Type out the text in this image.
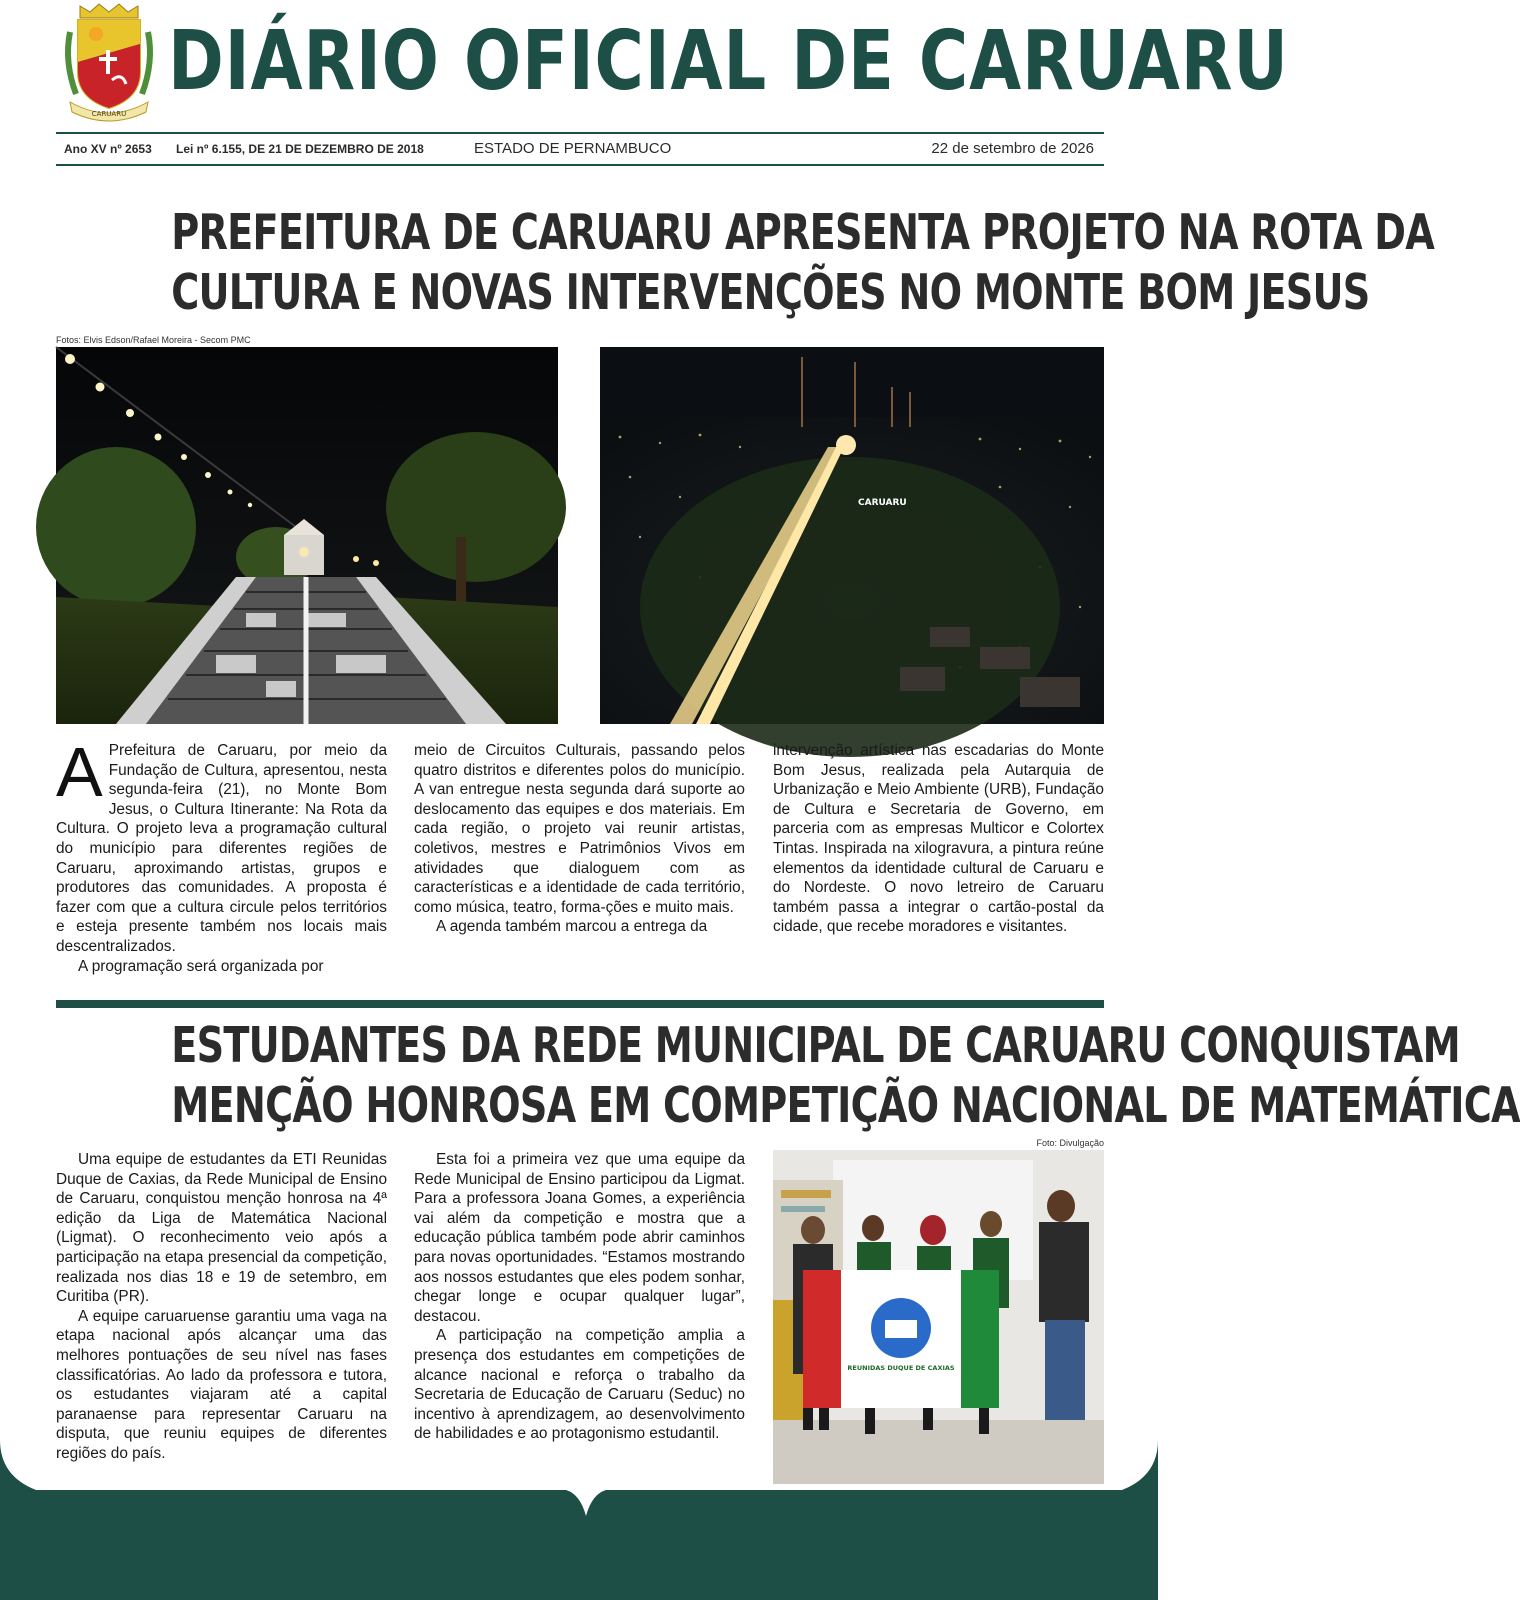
CARUARU
DIÁRIO OFICIAL DE CARUARU
Ano XV nº 2653 Lei nº 6.155, DE 21 DE DEZEMBRO DE 2018	ESTADO DE PERNAMBUCO	22 de setembro de 2026
PREFEITURA DE CARUARU APRESENTA PROJETO NA ROTA DA
CULTURA E NOVAS INTERVENÇÕES NO MONTE BOM JESUS
Fotos: Elvis Edson/Rafael Moreira - Secom PMC
CARUARU

A Prefeitura de Caruaru, por meio da Fundação de Cultura, apresentou, nesta segunda-feira (21), no Monte Bom Jesus, o Cultura Itinerante: Na Rota da Cultura. O projeto leva a programação cultural do município para diferentes regiões de Caruaru, aproximando artistas, grupos e produtores das comunidades. A proposta é fazer com que a cultura circule pelos territórios e esteja presente também nos locais mais descentralizados.

A programação será organizada por

meio de Circuitos Culturais, passando pelos quatro distritos e diferentes polos do município. A van entregue nesta segunda dará suporte ao deslocamento das equipes e dos materiais. Em cada região, o projeto vai reunir artistas, coletivos, mestres e Patrimônios Vivos em atividades que dialoguem com as características e a identidade de cada território, como música, teatro, forma-ções e muito mais.

A agenda também marcou a entrega da

intervenção artística nas escadarias do Monte Bom Jesus, realizada pela Autarquia de Urbanização e Meio Ambiente (URB), Fundação de Cultura e Secretaria de Governo, em parceria com as empresas Multicor e Colortex Tintas. Inspirada na xilogravura, a pintura reúne elementos da identidade cultural de Caruaru e do Nordeste. O novo letreiro de Caruaru também passa a integrar o cartão-postal da cidade, que recebe moradores e visitantes.

ESTUDANTES DA REDE MUNICIPAL DE CARUARU CONQUISTAM
MENÇÃO HONROSA EM COMPETIÇÃO NACIONAL DE MATEMÁTICA
Foto: Divulgação

Uma equipe de estudantes da ETI Reunidas Duque de Caxias, da Rede Municipal de Ensino de Caruaru, conquistou menção honrosa na 4ª edição da Liga de Matemática Nacional (Ligmat). O reconhecimento veio após a participação na etapa presencial da competição, realizada nos dias 18 e 19 de setembro, em Curitiba (PR).

A equipe caruaruense garantiu uma vaga na etapa nacional após alcançar uma das melhores pontuações de seu nível nas fases classificatórias. Ao lado da professora e tutora, os estudantes viajaram até a capital paranaense para representar Caruaru na disputa, que reuniu equipes de diferentes regiões do país.

Esta foi a primeira vez que uma equipe da Rede Municipal de Ensino participou da Ligmat. Para a professora Joana Gomes, a experiência vai além da competição e mostra que a educação pública também pode abrir caminhos para novas oportunidades. “Estamos mostrando aos nossos estudantes que eles podem sonhar, chegar longe e ocupar qualquer lugar”, destacou.

A participação na competição amplia a presença dos estudantes em competições de alcance nacional e reforça o trabalho da Secretaria de Educação de Caruaru (Seduc) no incentivo à aprendizagem, ao desenvolvimento de habilidades e ao protagonismo estudantil.

REUNIDAS DUQUE DE CAXIAS
